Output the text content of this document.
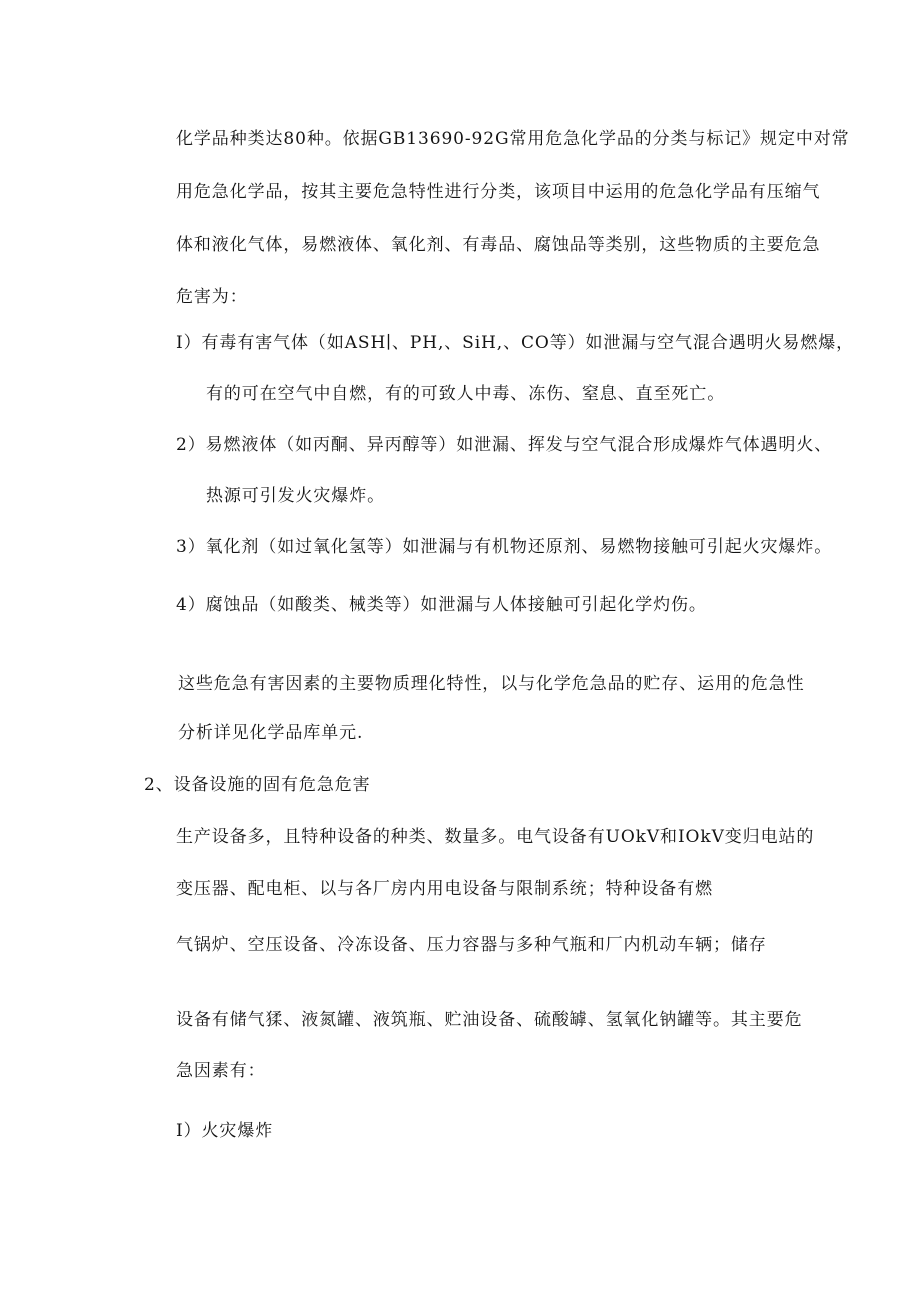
化学品种类达80种。依据GB13690-92G常用危急化学品的分类与标记》规定中对常

用危急化学品，按其主要危急特性进行分类，该项目中运用的危急化学品有压缩气

体和液化气体，易燃液体、氧化剂、有毒品、腐蚀品等类别，这些物质的主要危急

危害为：

I）有毒有害气体（如ASH∣、PH,、SiH,、CO等）如泄漏与空气混合遇明火易燃爆，

有的可在空气中自燃，有的可致人中毒、冻伤、窒息、直至死亡。

2）易燃液体（如丙酮、异丙醇等）如泄漏、挥发与空气混合形成爆炸气体遇明火、

热源可引发火灾爆炸。

3）氧化剂（如过氧化氢等）如泄漏与有机物还原剂、易燃物接触可引起火灾爆炸。

4）腐蚀品（如酸类、械类等）如泄漏与人体接触可引起化学灼伤。

这些危急有害因素的主要物质理化特性，以与化学危急品的贮存、运用的危急性

分析详见化学品库单元.

2、设备设施的固有危急危害

生产设备多，且特种设备的种类、数量多。电气设备有UOkV和IOkV变归电站的

变压器、配电柜、以与各厂房内用电设备与限制系统；特种设备有燃

气锅炉、空压设备、冷冻设备、压力容器与多种气瓶和厂内机动车辆；储存

设备有储气猱、液氮罐、液筑瓶、贮油设备、硫酸罅、氢氧化钠罐等。其主要危

急因素有：

I）火灾爆炸
